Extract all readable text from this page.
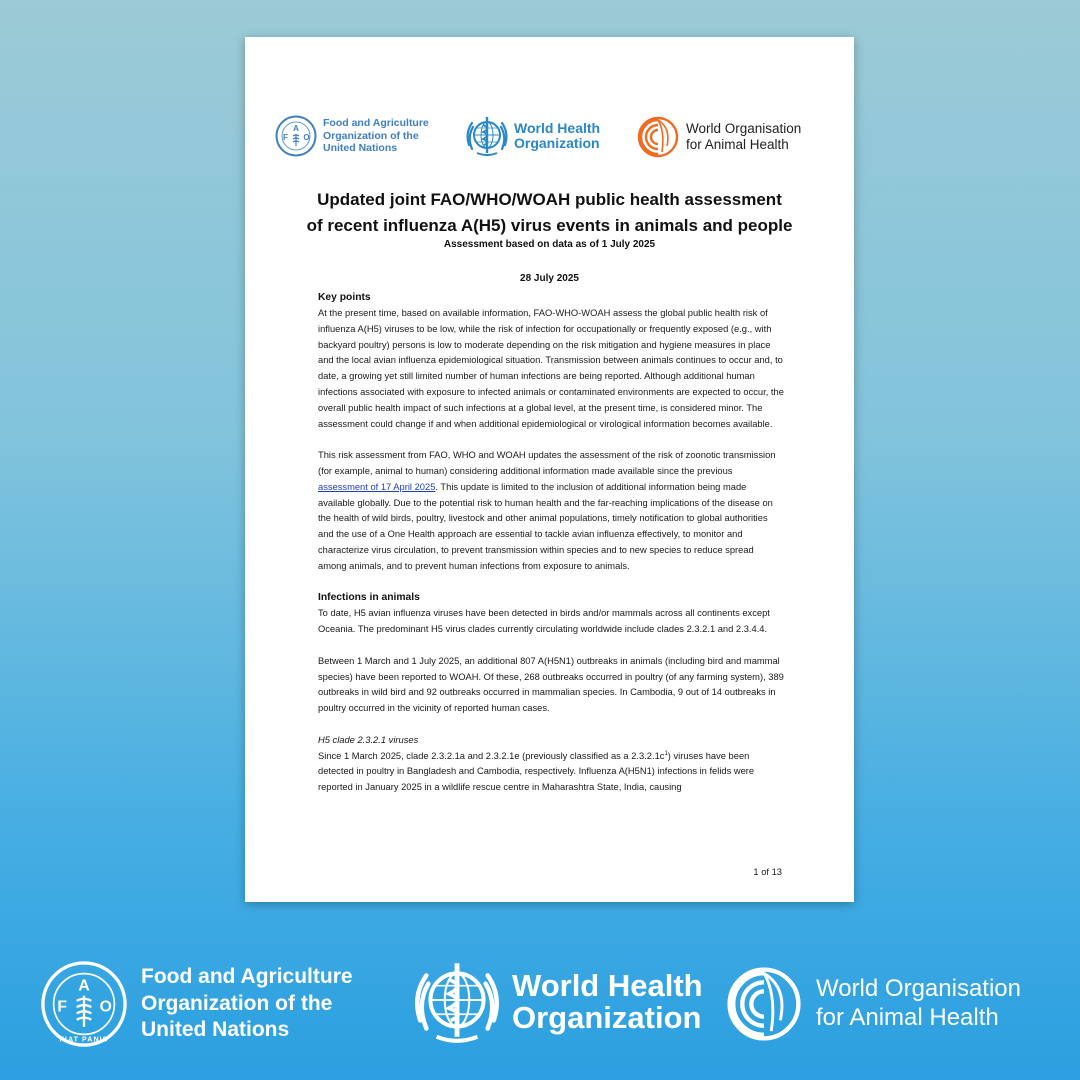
F
A
O
Food and Agriculture
Organization of the
United Nations
World Health
Organization
World Organisation
for Animal Health
Updated joint FAO/WHO/WOAH public health assessment
of recent influenza A(H5) virus events in animals and people
Assessment based on data as of 1 July 2025
28 July 2025
Key points

At the present time, based on available information, FAO-WHO-WOAH assess the global public health risk of influenza A(H5) viruses to be low, while the risk of infection for occupationally or frequently exposed (e.g., with backyard poultry) persons is low to moderate depending on the risk mitigation and hygiene measures in place and the local avian influenza epidemiological situation. Transmission between animals continues to occur and, to date, a growing yet still limited number of human infections are being reported. Although additional human infections associated with exposure to infected animals or contaminated environments are expected to occur, the overall public health impact of such infections at a global level, at the present time, is considered minor. The assessment could change if and when additional epidemiological or virological information becomes available.

This risk assessment from FAO, WHO and WOAH updates the assessment of the risk of zoonotic transmission (for example, animal to human) considering additional information made available since the previous assessment of 17 April 2025. This update is limited to the inclusion of additional information being made available globally. Due to the potential risk to human health and the far-reaching implications of the disease on the health of wild birds, poultry, livestock and other animal populations, timely notification to global authorities and the use of a One Health approach are essential to tackle avian influenza effectively, to monitor and characterize virus circulation, to prevent transmission within species and to new species to reduce spread among animals, and to prevent human infections from exposure to animals.

Infections in animals

To date, H5 avian influenza viruses have been detected in birds and/or mammals across all continents except Oceania. The predominant H5 virus clades currently circulating worldwide include clades 2.3.2.1 and 2.3.4.4.

Between 1 March and 1 July 2025, an additional 807 A(H5N1) outbreaks in animals (including bird and mammal species) have been reported to WOAH. Of these, 268 outbreaks occurred in poultry (of any farming system), 389 outbreaks in wild bird and 92 outbreaks occurred in mammalian species. In Cambodia, 9 out of 14 outbreaks in poultry occurred in the vicinity of reported human cases.

H5 clade 2.3.2.1 viruses

Since 1 March 2025, clade 2.3.2.1a and 2.3.2.1e (previously classified as a $2.3.2.1c^1$) viruses have been detected in poultry in Bangladesh and Cambodia, respectively. Influenza A(H5N1) infections in felids were reported in January 2025 in a wildlife rescue centre in Maharashtra State, India, causing

1 of 13
F
A
O
FIAT PANIS
Food and Agriculture
Organization of the
United Nations
World Health
Organization
World Organisation
for Animal Health
